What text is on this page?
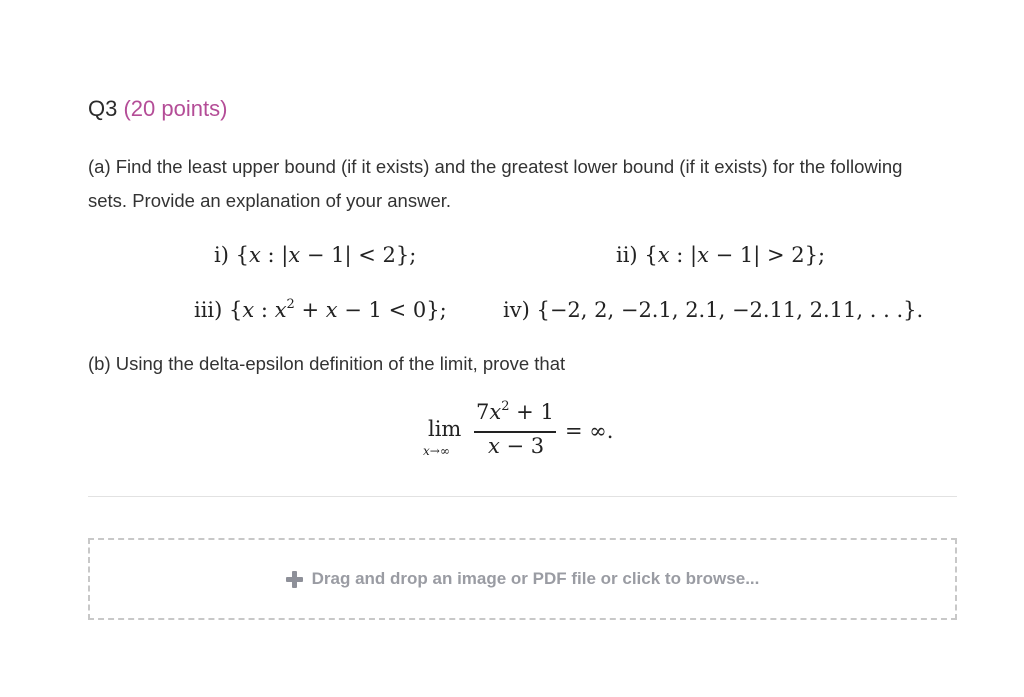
Q3 (20 points)
(a) Find the least upper bound (if it exists) and the greatest lower bound (if it exists) for the following sets. Provide an explanation of your answer.
i) {x : |x − 1| < 2};	ii) {x : |x − 1| > 2};
iii) {x : $x^2 + x - 1 < 0$};	iv) {−2, 2, −2.1, 2.1, −2.11, 2.11, . . .}.
(b) Using the delta-epsilon definition of the limit, prove that
lim
x→∞
$7x^2 + 1$
x − 3
= ∞.
Drag and drop an image or PDF file or click to browse...
